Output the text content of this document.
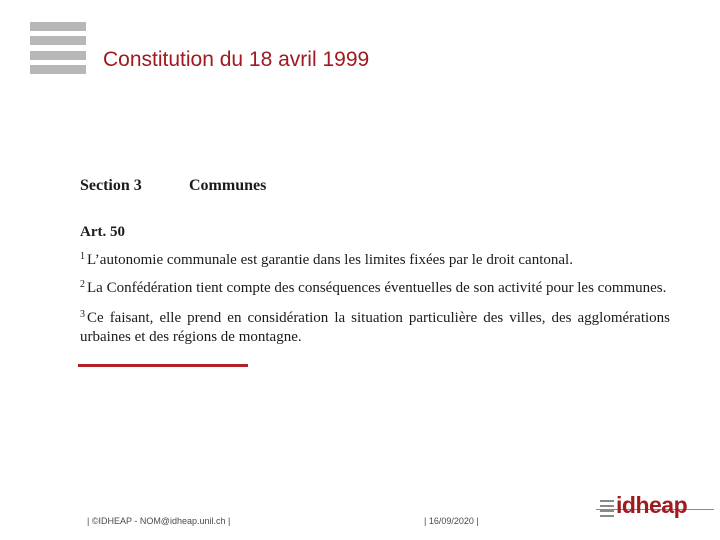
Constitution du 18 avril 1999
Section 3	Communes
Art. 50
$^1$ L’autonomie communale est garantie dans les limites fixées par le droit cantonal.
$^2$ La Confédération tient compte des conséquences éventuelles de son activité pour les communes.
$^3$ Ce faisant, elle prend en considération la situation particulière des villes, des agglomérations urbaines et des régions de montagne.
| ©IDHEAP - NOM@idheap.unil.ch |	| 16/09/2020 |
idheap
